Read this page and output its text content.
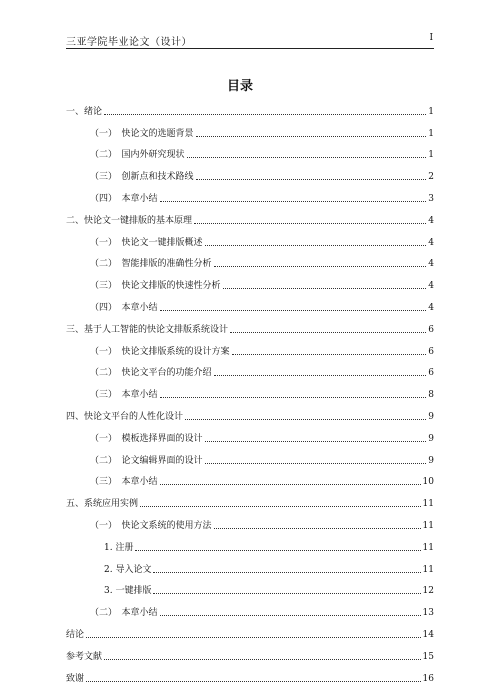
三亚学院毕业论文（设计）	I
目录
一、绪论	1
（一）　快论文的选题背景	1
（二）　国内外研究现状	1
（三）　创新点和技术路线	2
（四）　本章小结	3
二、快论文一键排版的基本原理	4
（一）　快论文一键排版概述	4
（二）　智能排版的准确性分析	4
（三）　快论文排版的快速性分析	4
（四）　本章小结	4
三、基于人工智能的快论文排版系统设计	6
（一）　快论文排版系统的设计方案	6
（二）　快论文平台的功能介绍	6
（三）　本章小结	8
四、快论文平台的人性化设计	9
（一）　模板选择界面的设计	9
（二）　论文编辑界面的设计	9
（三）　本章小结	10
五、系统应用实例	11
（一）　快论文系统的使用方法	11
1. 注册	11
2. 导入论文	11
3. 一键排版	12
（二）　本章小结	13
结论	14
参考文献	15
致谢	16
